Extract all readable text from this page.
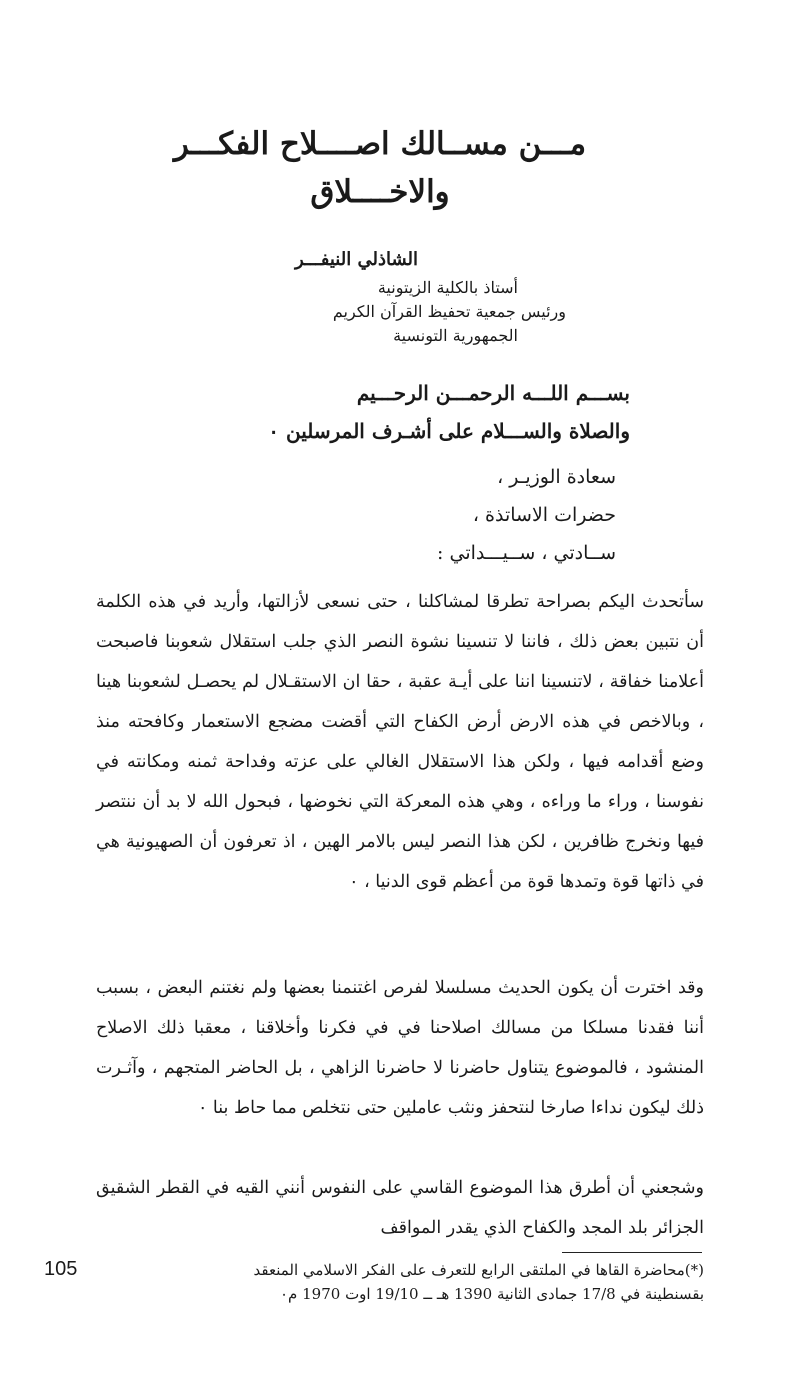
مـــن مســالك اصــــلاح الفكـــر
والاخــــلاق
الشاذلي النيفـــر
أستاذ بالكلية الزيتونية
ورئيس جمعية تحفيظ القرآن الكريم
الجمهورية التونسية
بســـم اللـــه الرحمـــن الرحـــيم
والصلاة والســـلام على أشـرف المرسلين ٠
سعادة الوزيـر ،
حضرات الاساتذة ،
ســادتي ، ســيـــداتي :
سأتحدث اليكم بصراحة تطرقا لمشاكلنا ، حتى نسعى لأزالتها، وأريد في هذه الكلمة أن نتبين بعض ذلك ، فاننا لا تنسينا نشوة النصر الذي جلب استقلال شعوبنا فاصبحت أعلامنا خفاقة ، لاتنسينا اننا على أيـة عقبة ، حقا ان الاستقـلال لم يحصـل لشعوبنا هينا ، وبالاخص في هذه الارض أرض الكفاح التي أقضت مضجع الاستعمار وكافحته منذ وضع أقدامه فيها ، ولكن هذا الاستقلال الغالي على عزته وفداحة ثمنه ومكانته في نفوسنا ، وراء ما وراءه ، وهي هذه المعركة التي نخوضها ، فبحول الله لا بد أن ننتصر فيها ونخرج ظافرين ، لكن هذا النصر ليس بالامر الهين ، اذ تعرفون أن الصهيونية هي في ذاتها قوة وتمدها قوة من أعظم قوى الدنيا ، ٠
وقد اخترت أن يكون الحديث مسلسلا لفرص اغتنمنا بعضها ولم نغتنم البعض ، بسبب أننا فقدنا مسلكا من مسالك اصلاحنا في في فكرنا وأخلاقنا ، معقبا ذلك الاصلاح المنشود ، فالموضوع يتناول حاضرنا لا حاضرنا الزاهي ، بل الحاضر المتجهم ، وآثـرت ذلك ليكون نداءا صارخا لنتحفز ونثب عاملين حتى نتخلص مما حاط بنا ٠
وشجعني أن أطرق هذا الموضوع القاسي على النفوس أنني القيه في القطر الشقيق الجزائر بلد المجد والكفاح الذي يقدر المواقف
(*)محاضرة القاها في الملتقى الرابع للتعرف على الفكر الاسلامي المنعقد
بقسنطينة في 17/8 جمادى الثانية 1390 هـ ــ 19/10 اوت 1970 م٠
105
